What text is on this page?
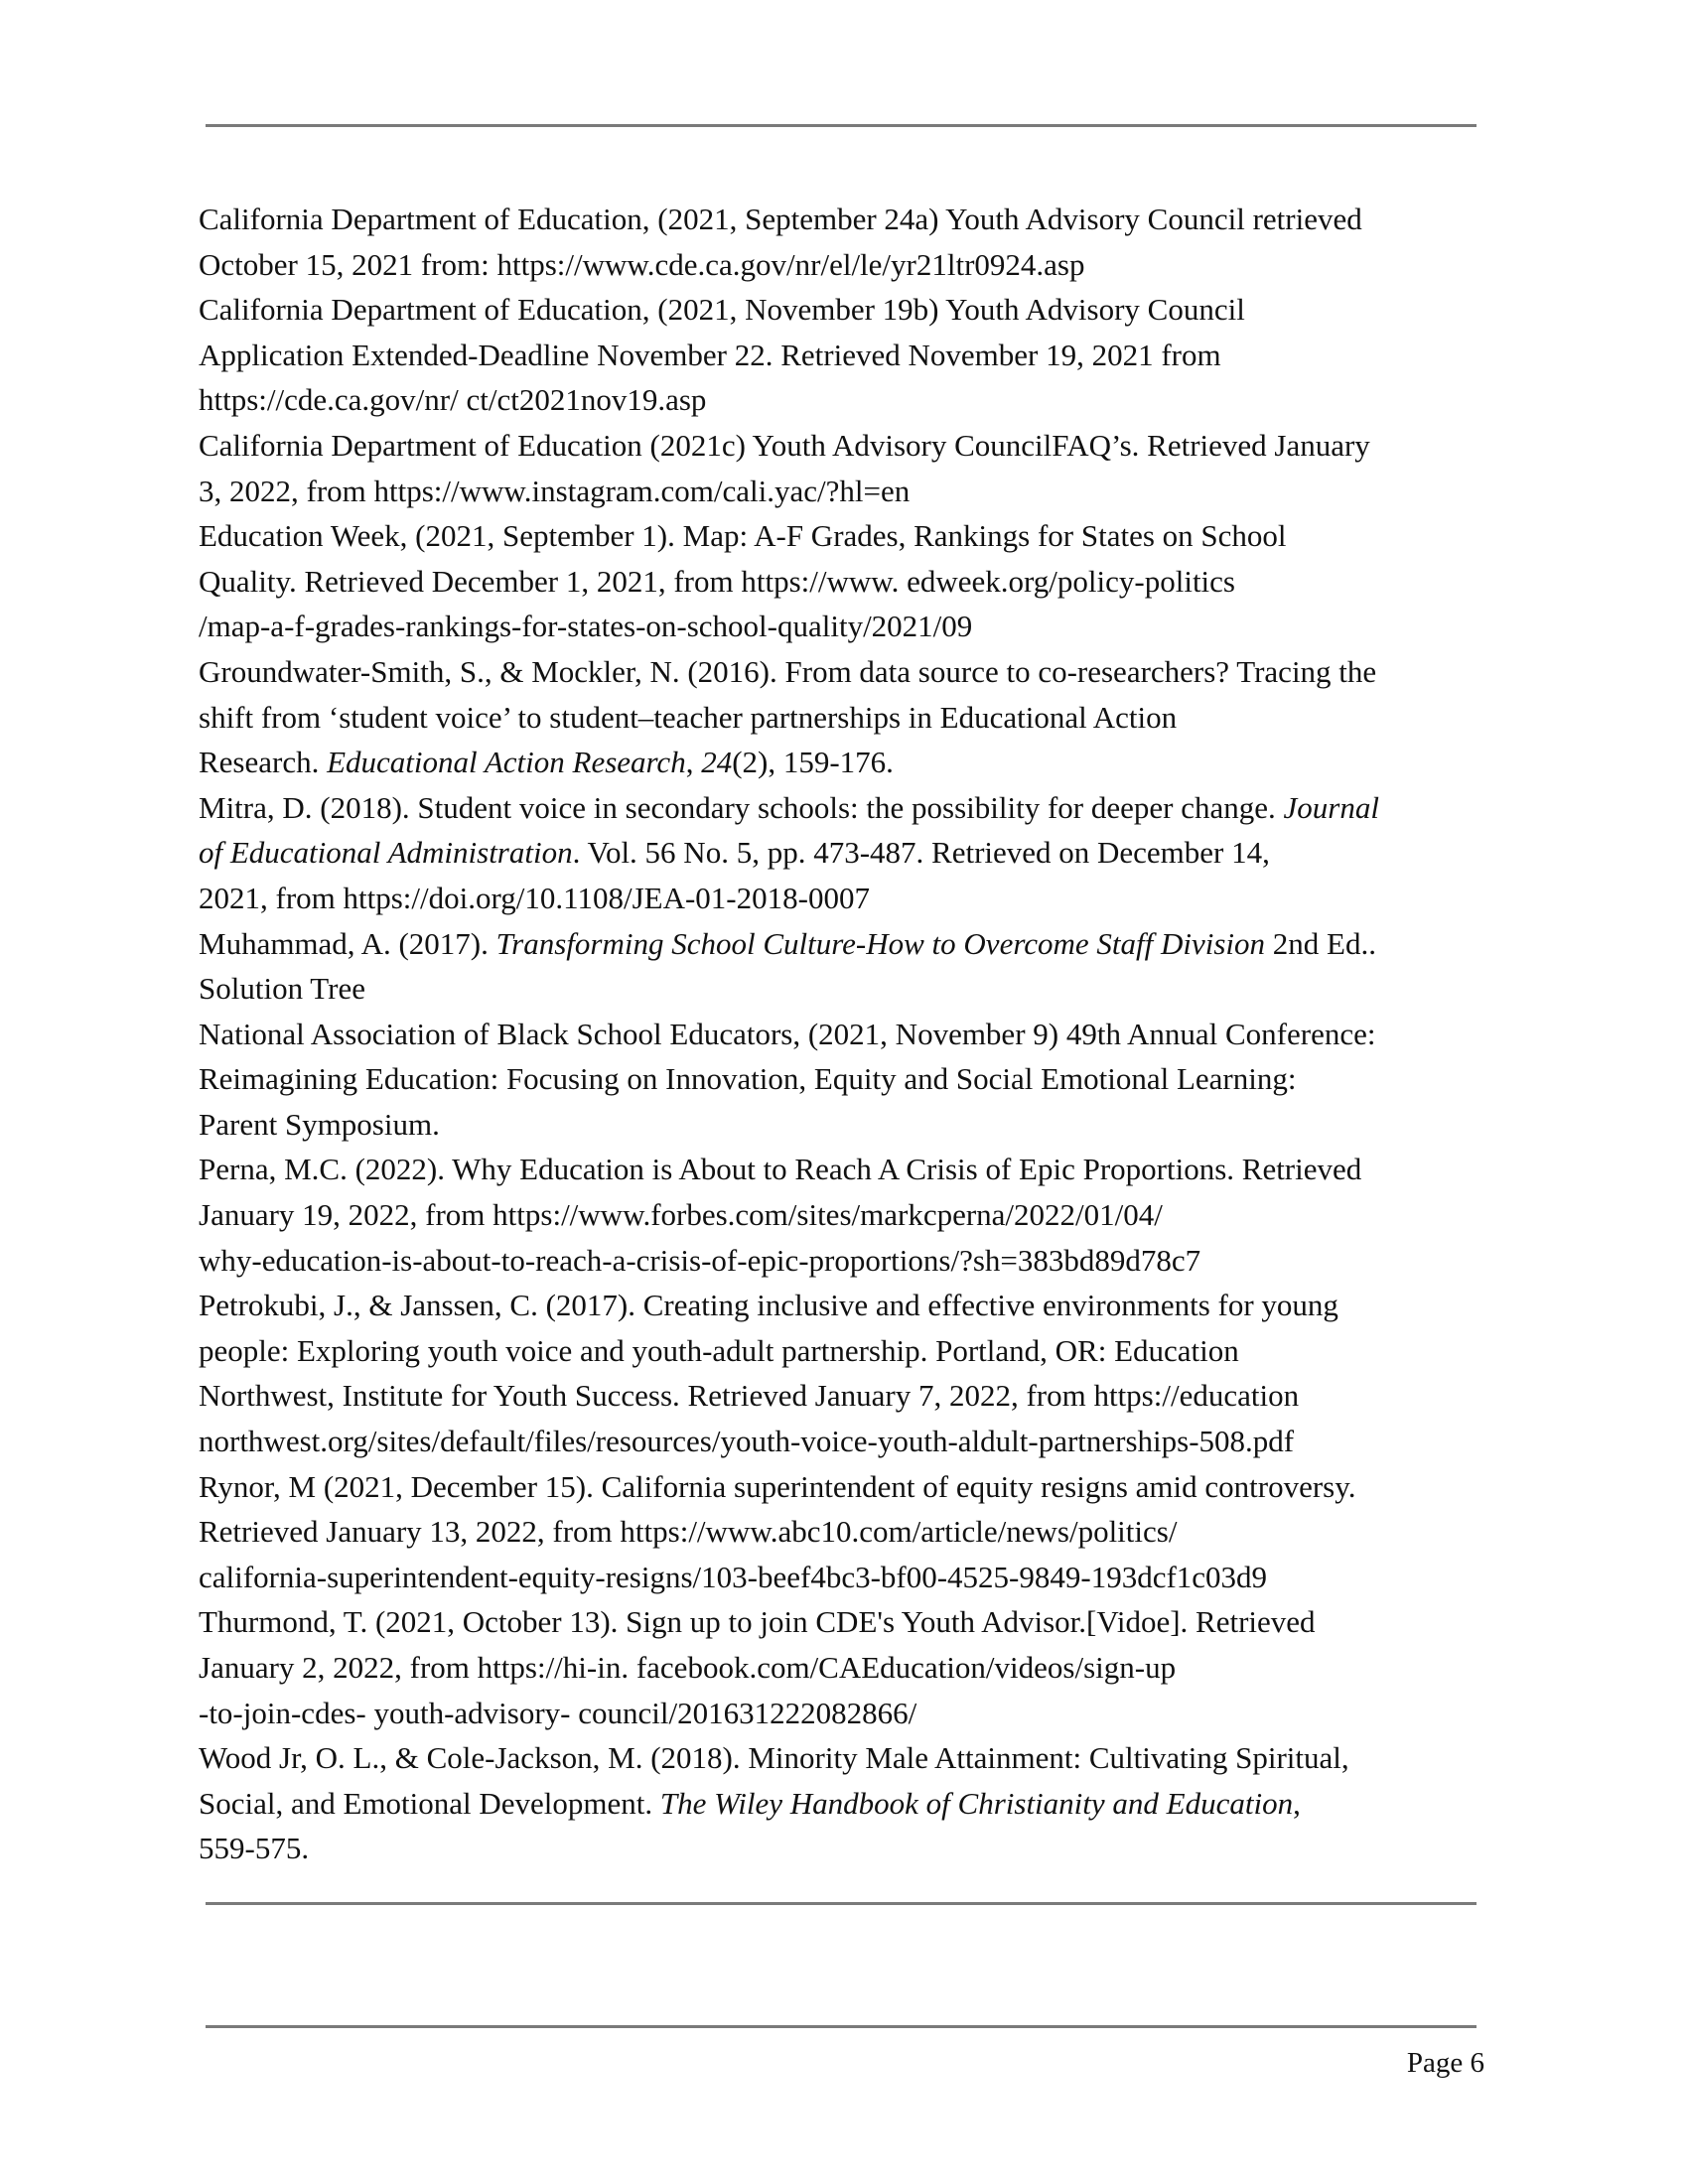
California Department of Education, (2021, September 24a) Youth Advisory Council retrieved
October 15, 2021 from: https://www.cde.ca.gov/nr/el/le/yr21ltr0924.asp
California Department of Education, (2021, November 19b) Youth Advisory Council
Application Extended-Deadline November 22. Retrieved November 19, 2021 from
https://cde.ca.gov/nr/ ct/ct2021nov19.asp
California Department of Education (2021c) Youth Advisory CouncilFAQ’s. Retrieved January
3, 2022, from https://www.instagram.com/cali.yac/?hl=en
Education Week, (2021, September 1). Map: A-F Grades, Rankings for States on School
Quality. Retrieved December 1, 2021, from https://www. edweek.org/policy-politics
/map-a-f-grades-rankings-for-states-on-school-quality/2021/09
Groundwater-Smith, S., & Mockler, N. (2016). From data source to co-researchers? Tracing the
shift from ‘student voice’ to student–teacher partnerships in Educational Action
Research. Educational Action Research, 24(2), 159-176.
Mitra, D. (2018). Student voice in secondary schools: the possibility for deeper change. Journal
of Educational Administration. Vol. 56 No. 5, pp. 473-487. Retrieved on December 14,
2021, from https://doi.org/10.1108/JEA-01-2018-0007
Muhammad, A. (2017). Transforming School Culture-How to Overcome Staff Division 2nd Ed..
Solution Tree
National Association of Black School Educators, (2021, November 9) 49th Annual Conference:
Reimagining Education: Focusing on Innovation, Equity and Social Emotional Learning:
Parent Symposium.
Perna, M.C. (2022). Why Education is About to Reach A Crisis of Epic Proportions. Retrieved
January 19, 2022, from https://www.forbes.com/sites/markcperna/2022/01/04/
why-education-is-about-to-reach-a-crisis-of-epic-proportions/?sh=383bd89d78c7
Petrokubi, J., & Janssen, C. (2017). Creating inclusive and effective environments for young
people: Exploring youth voice and youth-adult partnership. Portland, OR: Education
Northwest, Institute for Youth Success. Retrieved January 7, 2022, from https://education
northwest.org/sites/default/files/resources/youth-voice-youth-aldult-partnerships-508.pdf
Rynor, M (2021, December 15). California superintendent of equity resigns amid controversy.
Retrieved January 13, 2022, from https://www.abc10.com/article/news/politics/
california-superintendent-equity-resigns/103-beef4bc3-bf00-4525-9849-193dcf1c03d9
Thurmond, T. (2021, October 13). Sign up to join CDE's Youth Advisor.[Vidoe]. Retrieved
January 2, 2022, from https://hi-in. facebook.com/CAEducation/videos/sign-up
-to-join-cdes- youth-advisory- council/201631222082866/
Wood Jr, O. L., & Cole-Jackson, M. (2018). Minority Male Attainment: Cultivating Spiritual,
Social, and Emotional Development. The Wiley Handbook of Christianity and Education,
559-575.
Page 6
